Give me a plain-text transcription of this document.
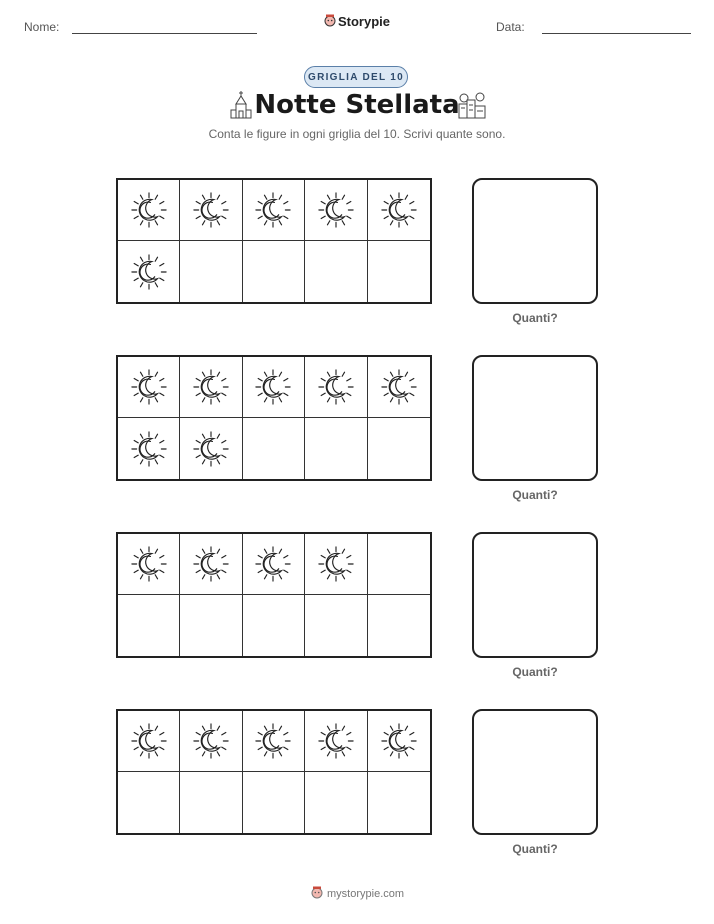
Nome:	Storypie	Data:
GRIGLIA DEL 10
Notte Stellata
Conta le figure in ogni griglia del 10. Scrivi quante sono.
Quanti?
Quanti?
Quanti?
Quanti?
mystorypie.com
